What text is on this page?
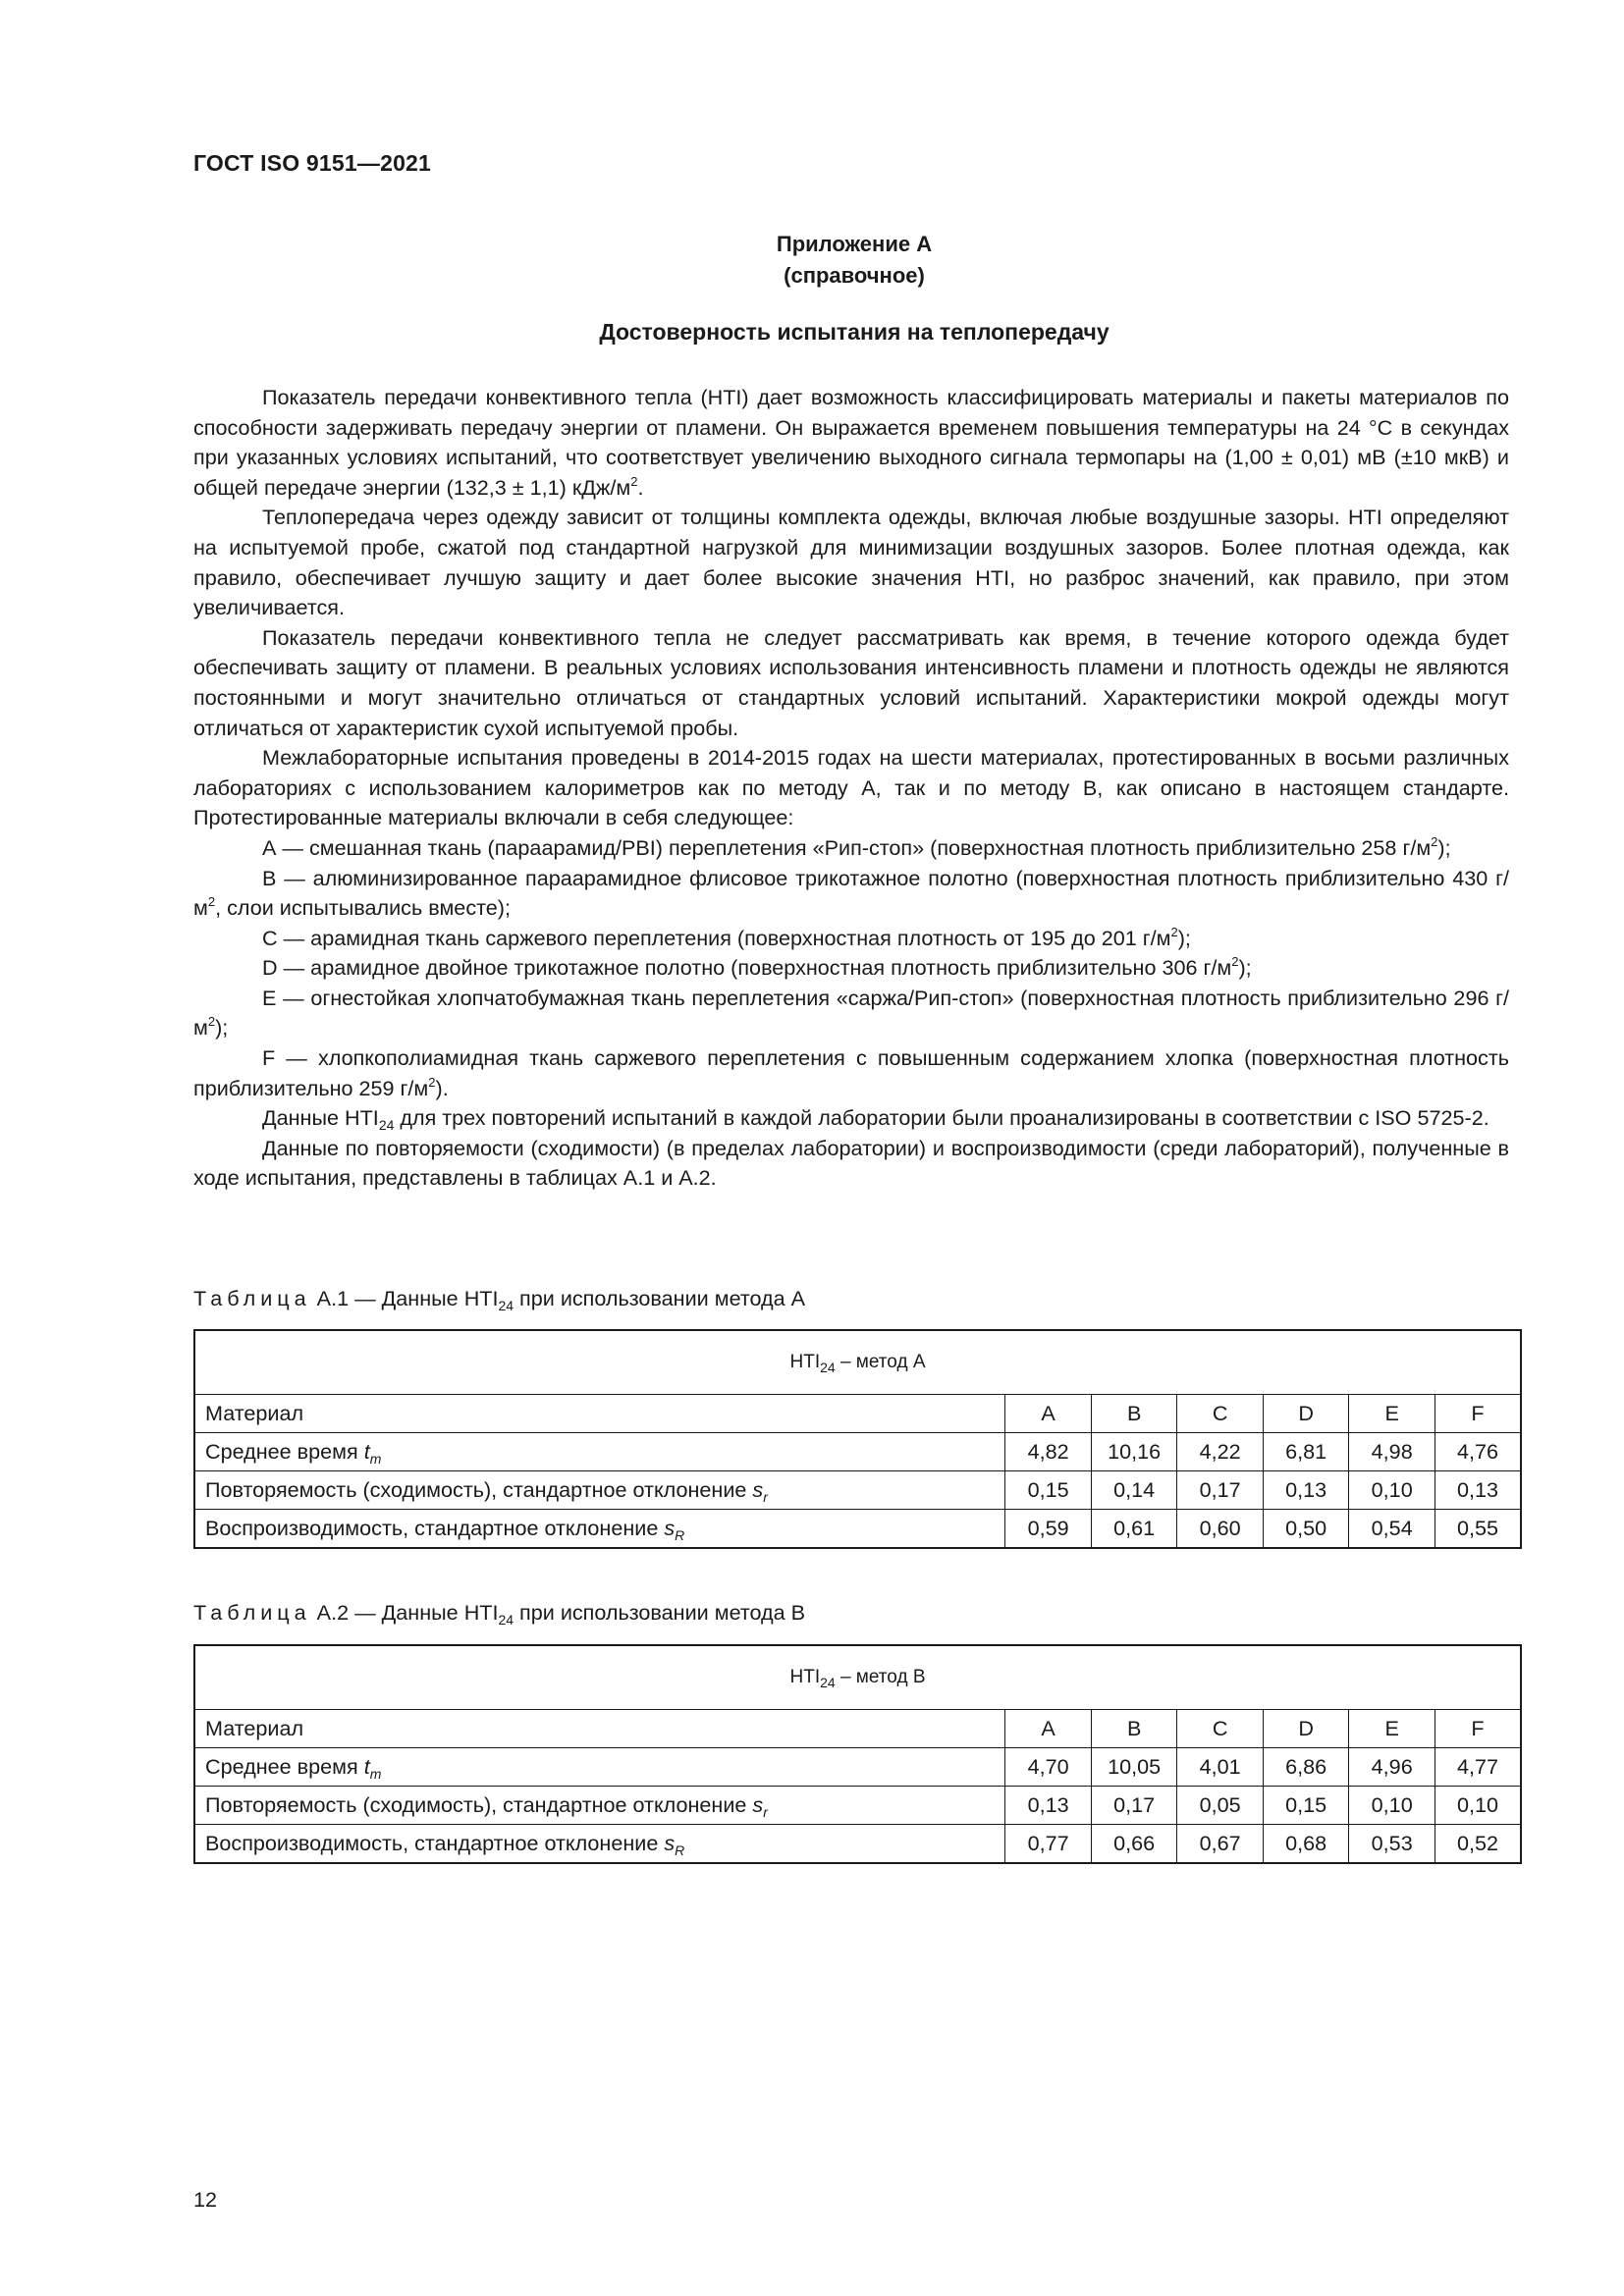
ГОСТ ISO 9151—2021
Приложение А
(справочное)
Достоверность испытания на теплопередачу

Показатель передачи конвективного тепла (HTI) дает возможность классифицировать материалы и пакеты материалов по способности задерживать передачу энергии от пламени. Он выражается временем повышения температуры на 24 °С в секундах при указанных условиях испытаний, что соответствует увеличению выходного сигнала термопары на (1,00 ± 0,01) мВ (±10 мкВ) и общей передаче энергии (132,3 ± 1,1) кДж/$м^2$.

Теплопередача через одежду зависит от толщины комплекта одежды, включая любые воздушные зазоры. HTI определяют на испытуемой пробе, сжатой под стандартной нагрузкой для минимизации воздушных зазоров. Более плотная одежда, как правило, обеспечивает лучшую защиту и дает более высокие значения HTI, но разброс значений, как правило, при этом увеличивается.

Показатель передачи конвективного тепла не следует рассматривать как время, в течение которого одежда будет обеспечивать защиту от пламени. В реальных условиях использования интенсивность пламени и плотность одежды не являются постоянными и могут значительно отличаться от стандартных условий испытаний. Характеристики мокрой одежды могут отличаться от характеристик сухой испытуемой пробы.

Межлабораторные испытания проведены в 2014-2015 годах на шести материалах, протестированных в восьми различных лабораториях с использованием калориметров как по методу А, так и по методу В, как описано в настоящем стандарте. Протестированные материалы включали в себя следующее:

А — смешанная ткань (параарамид/PBI) переплетения «Рип-стоп» (поверхностная плотность приблизительно 258 $г/м^2$);

В — алюминизированное параарамидное флисовое трикотажное полотно (поверхностная плотность приблизительно 430 $г/м^2$, слои испытывались вместе);

С — арамидная ткань саржевого переплетения (поверхностная плотность от 195 до 201 $г/м^2$);

D — арамидное двойное трикотажное полотно (поверхностная плотность приблизительно 306 $г/м^2$);

E — огнестойкая хлопчатобумажная ткань переплетения «саржа/Рип-стоп» (поверхностная плотность приблизительно 296 $г/м^2$);

F — хлопкополиамидная ткань саржевого переплетения с повышенным содержанием хлопка (поверхностная плотность приблизительно 259 $г/м^2$).

Данные $HTI_{24}$ для трех повторений испытаний в каждой лаборатории были проанализированы в соответствии с ISO 5725-2.

Данные по повторяемости (сходимости) (в пределах лаборатории) и воспроизводимости (среди лабораторий), полученные в ходе испытания, представлены в таблицах А.1 и А.2.

Таблица А.1 — Данные $HTI_{24}$ при использовании метода А
$HTI_{24}$ – метод А						
Материал	A	B	C	D	E	F
Среднее время $t_m$	4,82	10,16	4,22	6,81	4,98	4,76
Повторяемость (сходимость), стандартное отклонение $s_r$	0,15	0,14	0,17	0,13	0,10	0,13
Воспроизводимость, стандартное отклонение $s_R$	0,59	0,61	0,60	0,50	0,54	0,55
Таблица А.2 — Данные $HTI_{24}$ при использовании метода В
$HTI_{24}$ – метод В						
Материал	A	B	C	D	E	F
Среднее время $t_m$	4,70	10,05	4,01	6,86	4,96	4,77
Повторяемость (сходимость), стандартное отклонение $s_r$	0,13	0,17	0,05	0,15	0,10	0,10
Воспроизводимость, стандартное отклонение $s_R$	0,77	0,66	0,67	0,68	0,53	0,52
12
